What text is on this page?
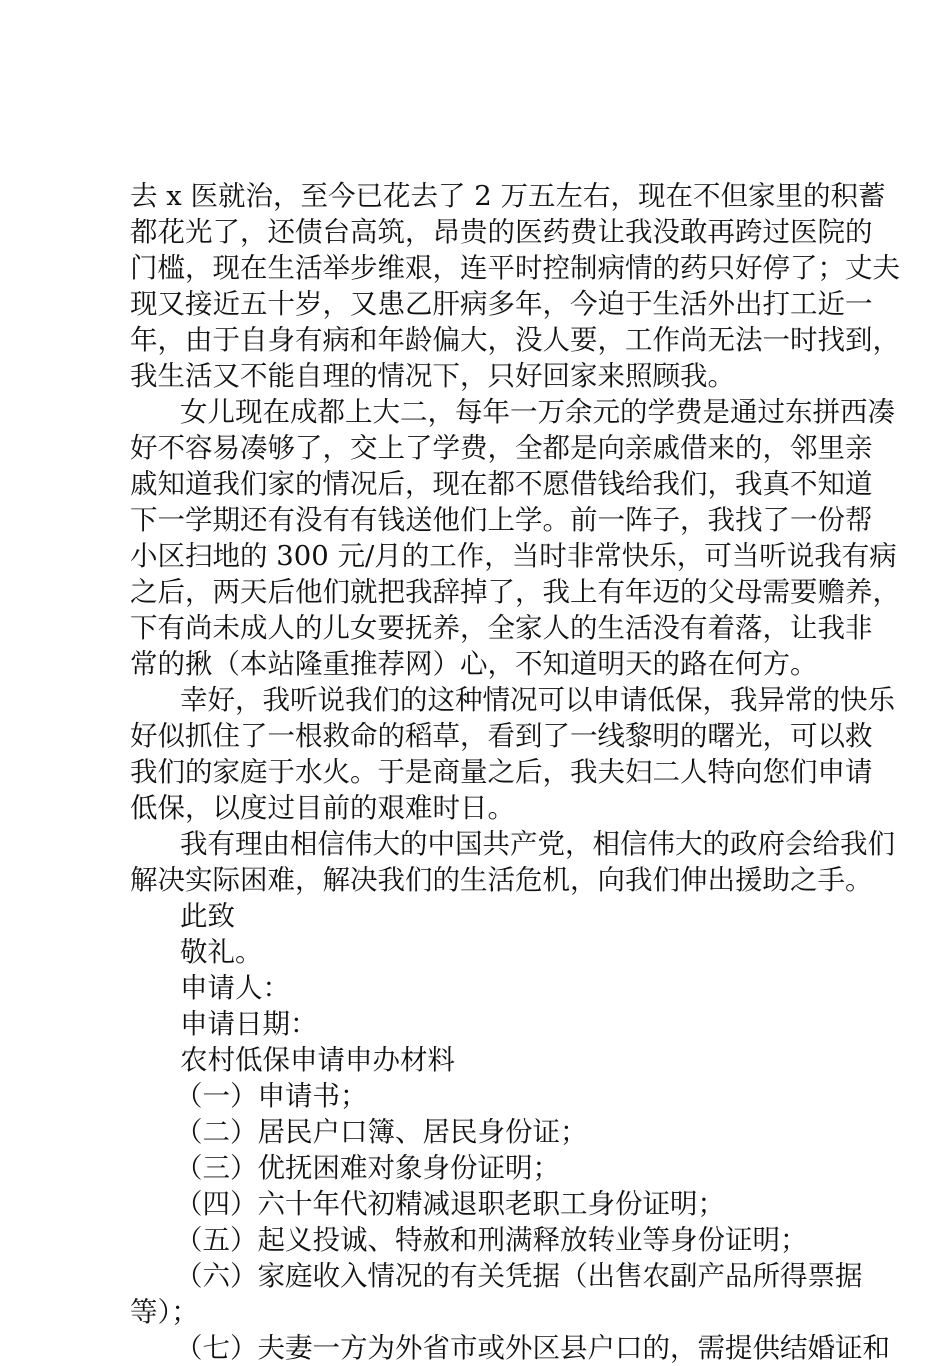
去 x 医就治，至今已花去了 2 万五左右，现在不但家里的积蓄
都花光了，还债台高筑，昂贵的医药费让我没敢再跨过医院的
门槛，现在生活举步维艰，连平时控制病情的药只好停了；丈夫
现又接近五十岁，又患乙肝病多年，今迫于生活外出打工近一
年，由于自身有病和年龄偏大，没人要，工作尚无法一时找到，
我生活又不能自理的情况下，只好回家来照顾我。
女儿现在成都上大二，每年一万余元的学费是通过东拼西凑
好不容易凑够了，交上了学费，全都是向亲戚借来的，邻里亲
戚知道我们家的情况后，现在都不愿借钱给我们，我真不知道
下一学期还有没有有钱送他们上学。前一阵子，我找了一份帮
小区扫地的 300 元/月的工作，当时非常快乐，可当听说我有病
之后，两天后他们就把我辞掉了，我上有年迈的父母需要赡养，
下有尚未成人的儿女要抚养，全家人的生活没有着落，让我非
常的揪（本站隆重推荐网）心，不知道明天的路在何方。
幸好，我听说我们的这种情况可以申请低保，我异常的快乐
好似抓住了一根救命的稻草，看到了一线黎明的曙光，可以救
我们的家庭于水火。于是商量之后，我夫妇二人特向您们申请
低保，以度过目前的艰难时日。
我有理由相信伟大的中国共产党，相信伟大的政府会给我们
解决实际困难，解决我们的生活危机，向我们伸出援助之手。
此致
敬礼。
申请人：
申请日期：
农村低保申请申办材料
（一）申请书；
（二）居民户口簿、居民身份证；
（三）优抚困难对象身份证明；
（四）六十年代初精减退职老职工身份证明；
（五）起义投诚、特赦和刑满释放转业等身份证明；
（六）家庭收入情况的有关凭据（出售农副产品所得票据
等）；
（七）夫妻一方为外省市或外区县户口的，需提供结婚证和
